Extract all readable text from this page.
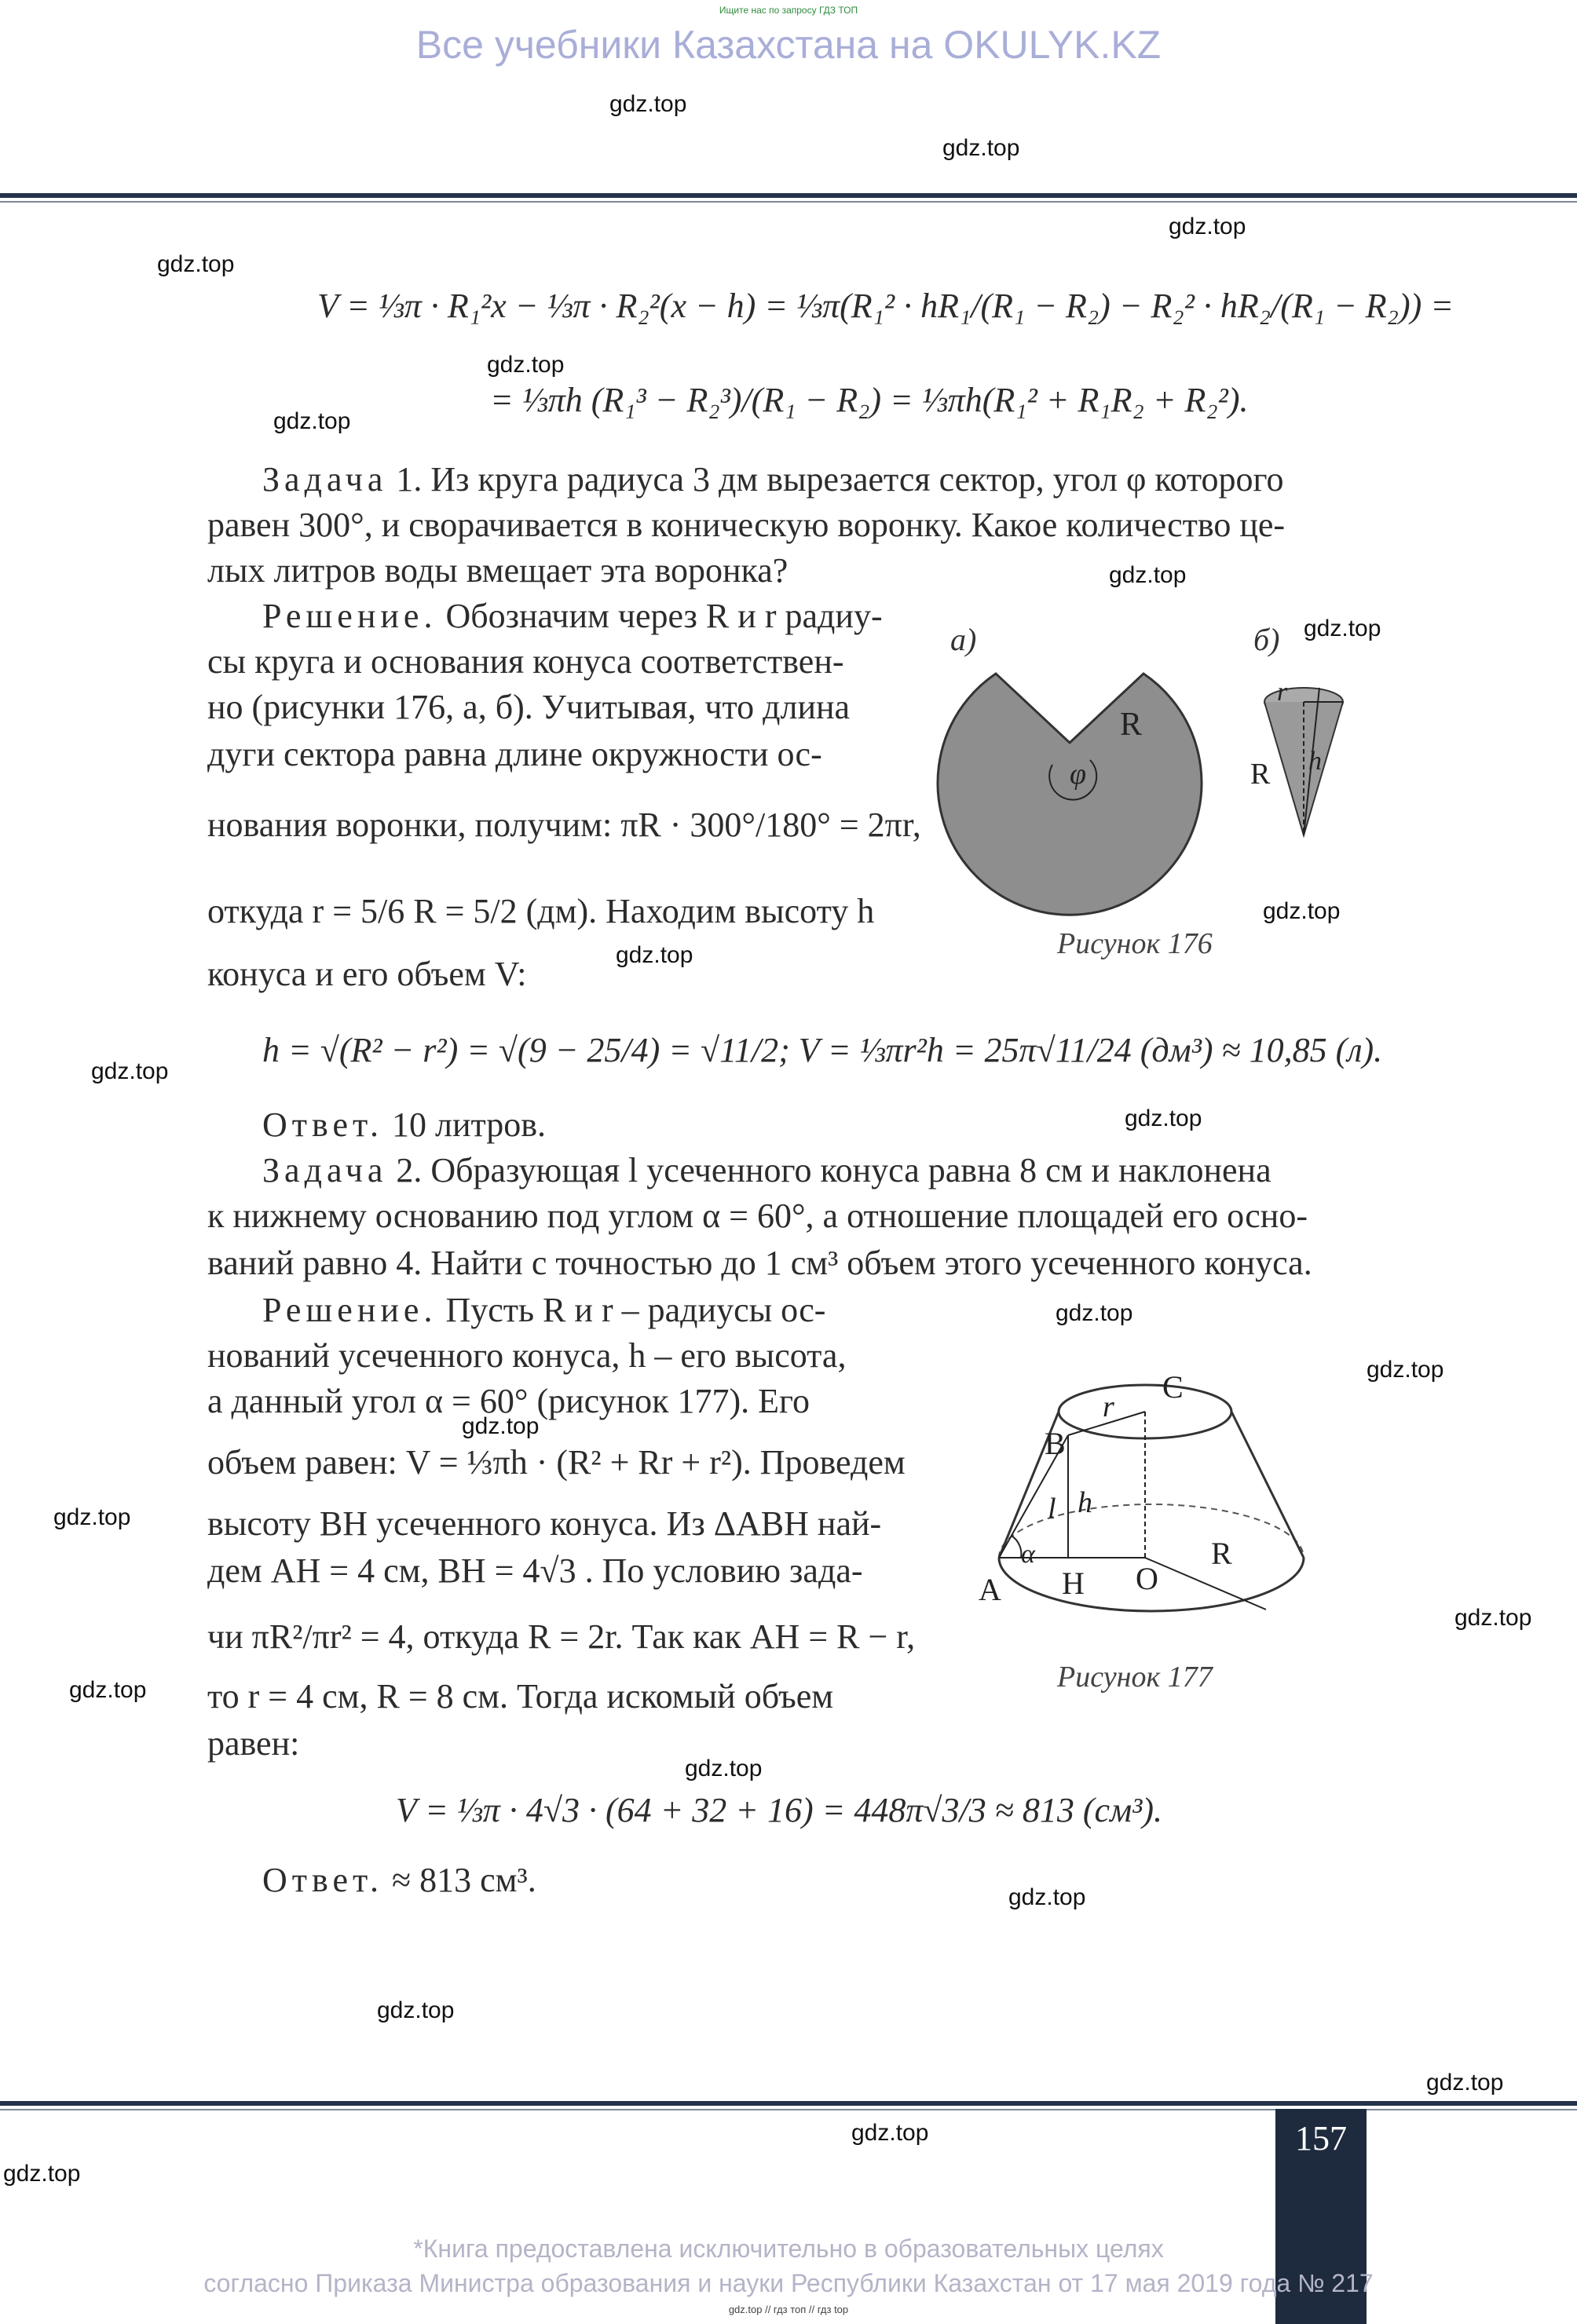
Ищите нас по запросу ГДЗ ТОП
Все учебники Казахстана на OKULYK.KZ
gdz.top
gdz.top
gdz.top
gdz.top
gdz.top
gdz.top
gdz.top
gdz.top
gdz.top
gdz.top
gdz.top
gdz.top
gdz.top
gdz.top
gdz.top
gdz.top
gdz.top
gdz.top
gdz.top
gdz.top
gdz.top
gdz.top
gdz.top
gdz.top
V = ⅓π · R₁²x − ⅓π · R₂²(x − h) = ⅓π(R₁² · hR₁/(R₁ − R₂) − R₂² · hR₂/(R₁ − R₂)) =
= ⅓πh (R₁³ − R₂³)/(R₁ − R₂) = ⅓πh(R₁² + R₁R₂ + R₂²).
Задача 1. Из круга радиуса 3 дм вырезается сектор, угол φ которого
равен 300°, и сворачивается в коническую воронку. Какое количество це-
лых литров воды вмещает эта воронка?
Решение. Обозначим через R и r радиу-
сы круга и основания конуса соответствен-
но (рисунки 176, а, б). Учитывая, что длина
дуги сектора равна длине окружности ос-
нования воронки, получим: πR · 300°/180° = 2πr,
откуда r = 5/6 R = 5/2 (дм). Находим высоту h
конуса и его объем V:
а)
R
φ
б)
r
h
R
Рисунок 176
h = √(R² − r²) = √(9 − 25/4) = √11/2; V = ⅓πr²h = 25π√11/24 (дм³) ≈ 10,85 (л).
Ответ. 10 литров.
Задача 2. Образующая l усеченного конуса равна 8 см и наклонена
к нижнему основанию под углом α = 60°, а отношение площадей его осно-
ваний равно 4. Найти с точностью до 1 см³ объем этого усеченного конуса.
Решение. Пусть R и r – радиусы ос-
нований усеченного конуса, h – его высота,
а данный угол α = 60° (рисунок 177). Его
объем равен: V = ⅓πh · (R² + Rr + r²). Проведем
высоту BH усеченного конуса. Из ΔABH най-
дем AH = 4 см, BH = 4√3 . По условию зада-
чи πR²/πr² = 4, откуда R = 2r. Так как AH = R − r,
то r = 4 см, R = 8 см. Тогда искомый объем
равен:
C
r
B
l h
α
O
R
A H
Рисунок 177
V = ⅓π · 4√3 · (64 + 32 + 16) = 448π√3/3 ≈ 813 (см³).
Ответ. ≈ 813 см³.
157
*Книга предоставлена исключительно в образовательных целях
согласно Приказа Министра образования и науки Республики Казахстан от 17 мая 2019 года № 217
gdz.top // гдз топ // гдз top
